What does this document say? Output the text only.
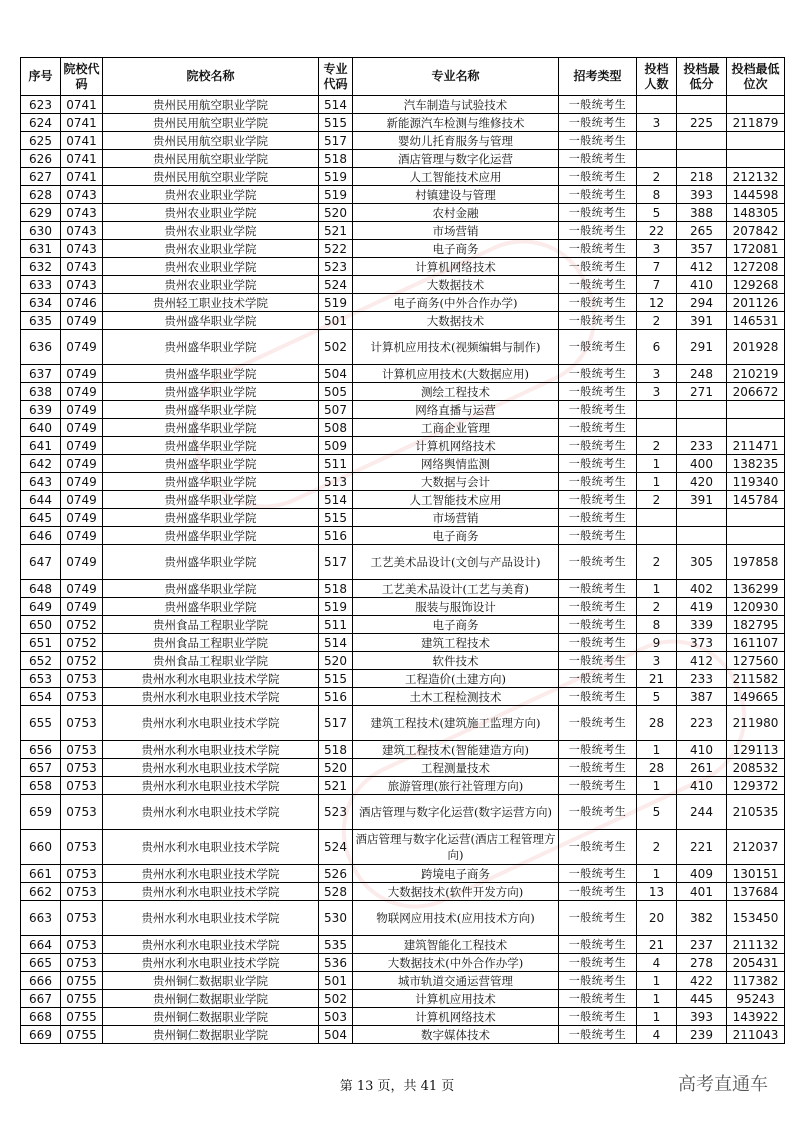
序号	院校代码	院校名称	专业代码	专业名称	招考类型	投档人数	投档最低分	投档最低位次
623	0741	贵州民用航空职业学院	514	汽车制造与试验技术	一般统考生			
624	0741	贵州民用航空职业学院	515	新能源汽车检测与维修技术	一般统考生	3	225	211879
625	0741	贵州民用航空职业学院	517	婴幼儿托育服务与管理	一般统考生			
626	0741	贵州民用航空职业学院	518	酒店管理与数字化运营	一般统考生			
627	0741	贵州民用航空职业学院	519	人工智能技术应用	一般统考生	2	218	212132
628	0743	贵州农业职业学院	519	村镇建设与管理	一般统考生	8	393	144598
629	0743	贵州农业职业学院	520	农村金融	一般统考生	5	388	148305
630	0743	贵州农业职业学院	521	市场营销	一般统考生	22	265	207842
631	0743	贵州农业职业学院	522	电子商务	一般统考生	3	357	172081
632	0743	贵州农业职业学院	523	计算机网络技术	一般统考生	7	412	127208
633	0743	贵州农业职业学院	524	大数据技术	一般统考生	7	410	129268
634	0746	贵州轻工职业技术学院	519	电子商务(中外合作办学)	一般统考生	12	294	201126
635	0749	贵州盛华职业学院	501	大数据技术	一般统考生	2	391	146531
636	0749	贵州盛华职业学院	502	计算机应用技术(视频编辑与制作)	一般统考生	6	291	201928
637	0749	贵州盛华职业学院	504	计算机应用技术(大数据应用)	一般统考生	3	248	210219
638	0749	贵州盛华职业学院	505	测绘工程技术	一般统考生	3	271	206672
639	0749	贵州盛华职业学院	507	网络直播与运营	一般统考生			
640	0749	贵州盛华职业学院	508	工商企业管理	一般统考生			
641	0749	贵州盛华职业学院	509	计算机网络技术	一般统考生	2	233	211471
642	0749	贵州盛华职业学院	511	网络舆情监测	一般统考生	1	400	138235
643	0749	贵州盛华职业学院	513	大数据与会计	一般统考生	1	420	119340
644	0749	贵州盛华职业学院	514	人工智能技术应用	一般统考生	2	391	145784
645	0749	贵州盛华职业学院	515	市场营销	一般统考生			
646	0749	贵州盛华职业学院	516	电子商务	一般统考生			
647	0749	贵州盛华职业学院	517	工艺美术品设计(文创与产品设计)	一般统考生	2	305	197858
648	0749	贵州盛华职业学院	518	工艺美术品设计(工艺与美育)	一般统考生	1	402	136299
649	0749	贵州盛华职业学院	519	服装与服饰设计	一般统考生	2	419	120930
650	0752	贵州食品工程职业学院	511	电子商务	一般统考生	8	339	182795
651	0752	贵州食品工程职业学院	514	建筑工程技术	一般统考生	9	373	161107
652	0752	贵州食品工程职业学院	520	软件技术	一般统考生	3	412	127560
653	0753	贵州水利水电职业技术学院	515	工程造价(土建方向)	一般统考生	21	233	211582
654	0753	贵州水利水电职业技术学院	516	土木工程检测技术	一般统考生	5	387	149665
655	0753	贵州水利水电职业技术学院	517	建筑工程技术(建筑施工监理方向)	一般统考生	28	223	211980
656	0753	贵州水利水电职业技术学院	518	建筑工程技术(智能建造方向)	一般统考生	1	410	129113
657	0753	贵州水利水电职业技术学院	520	工程测量技术	一般统考生	28	261	208532
658	0753	贵州水利水电职业技术学院	521	旅游管理(旅行社管理方向)	一般统考生	1	410	129372
659	0753	贵州水利水电职业技术学院	523	酒店管理与数字化运营(数字运营方向)	一般统考生	5	244	210535
660	0753	贵州水利水电职业技术学院	524	酒店管理与数字化运营(酒店工程管理方向)	一般统考生	2	221	212037
661	0753	贵州水利水电职业技术学院	526	跨境电子商务	一般统考生	1	409	130151
662	0753	贵州水利水电职业技术学院	528	大数据技术(软件开发方向)	一般统考生	13	401	137684
663	0753	贵州水利水电职业技术学院	530	物联网应用技术(应用技术方向)	一般统考生	20	382	153450
664	0753	贵州水利水电职业技术学院	535	建筑智能化工程技术	一般统考生	21	237	211132
665	0753	贵州水利水电职业技术学院	536	大数据技术(中外合作办学)	一般统考生	4	278	205431
666	0755	贵州铜仁数据职业学院	501	城市轨道交通运营管理	一般统考生	1	422	117382
667	0755	贵州铜仁数据职业学院	502	计算机应用技术	一般统考生	1	445	95243
668	0755	贵州铜仁数据职业学院	503	计算机网络技术	一般统考生	1	393	143922
669	0755	贵州铜仁数据职业学院	504	数字媒体技术	一般统考生	4	239	211043
第 13 页，共 41 页	高考直通车
